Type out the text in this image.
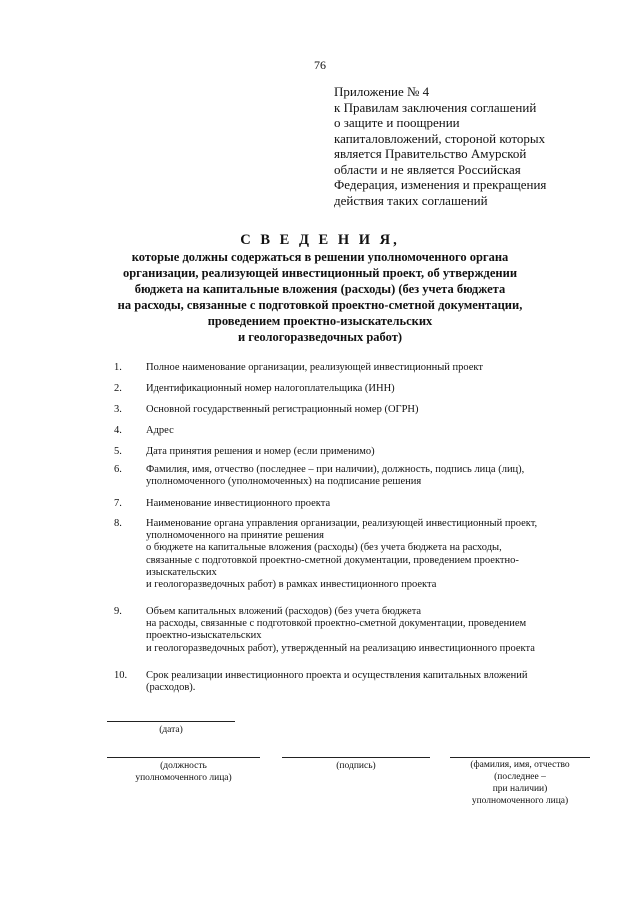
76
Приложение № 4
к Правилам заключения соглашений
о защите и поощрении
капиталовложений, стороной которых
является Правительство Амурской
области и не является Российская
Федерация, изменения и прекращения
действия таких соглашений
С В Е Д Е Н И Я,
которые должны содержаться в решении уполномоченного органа
организации, реализующей инвестиционный проект, об утверждении
бюджета на капитальные вложения (расходы) (без учета бюджета
на расходы, связанные с подготовкой проектно-сметной документации,
проведением проектно-изыскательских
и геологоразведочных работ)
1. Полное наименование организации, реализующей инвестиционный проект
2. Идентификационный номер налогоплательщика (ИНН)
3. Основной государственный регистрационный номер (ОГРН)
4. Адрес
5. Дата принятия решения и номер (если применимо)
6. Фамилия, имя, отчество (последнее – при наличии), должность, подпись лица (лиц),
уполномоченного (уполномоченных) на подписание решения
7. Наименование инвестиционного проекта
8. Наименование органа управления организации, реализующей инвестиционный проект,
уполномоченного на принятие решения
о бюджете на капитальные вложения (расходы) (без учета бюджета на расходы,
связанные с подготовкой проектно-сметной документации, проведением проектно-
изыскательских
и геологоразведочных работ) в рамках инвестиционного проекта
9. Объем капитальных вложений (расходов) (без учета бюджета
на расходы, связанные с подготовкой проектно-сметной документации, проведением
проектно-изыскательских
и геологоразведочных работ), утвержденный на реализацию инвестиционного проекта
10. Срок реализации инвестиционного проекта и осуществления капитальных вложений
(расходов).
(дата)
(должность
уполномоченного лица)
(подпись)	(фамилия, имя, отчество
(последнее –
при наличии)
уполномоченного лица)
